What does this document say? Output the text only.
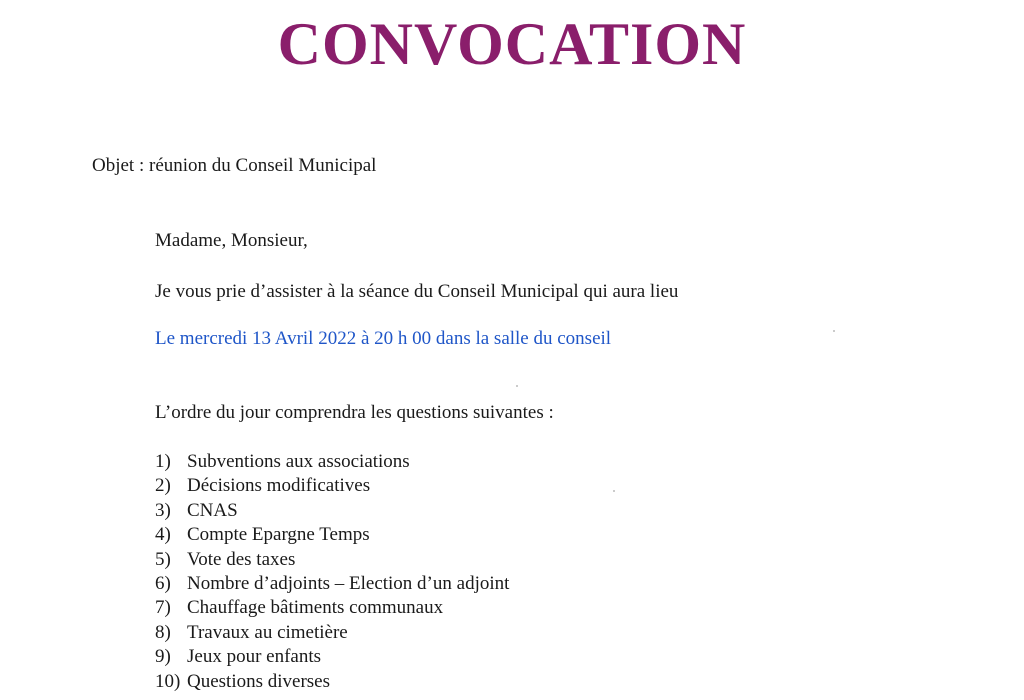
CONVOCATION
Objet : réunion du Conseil Municipal
Madame, Monsieur,
Je vous prie d’assister à la séance du Conseil Municipal qui aura lieu
Le mercredi 13 Avril 2022 à 20 h 00 dans la salle du conseil
L’ordre du jour comprendra les questions suivantes :
1) Subventions aux associations
2) Décisions modificatives
3) CNAS
4) Compte Epargne Temps
5) Vote des taxes
6) Nombre d’adjoints – Election d’un adjoint
7) Chauffage bâtiments communaux
8) Travaux au cimetière
9) Jeux pour enfants
10) Questions diverses
